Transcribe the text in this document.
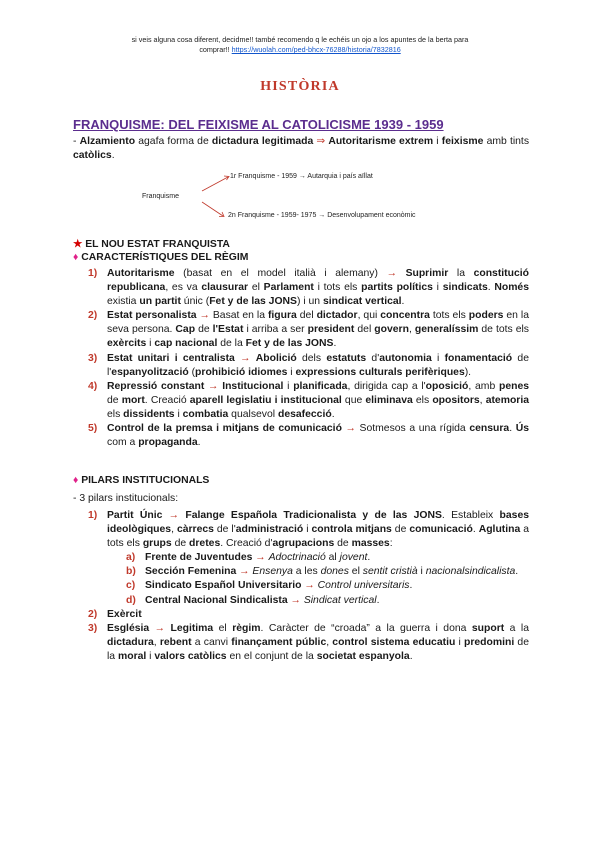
si veis alguna cosa diferent, decidme!! també recomendo q le echéis un ojo a los apuntes de la berta para
comprar!! https://wuolah.com/ped-bhcx-76288/historia/7832816
HISTÒRIA
FRANQUISME: DEL FEIXISME AL CATOLICISME 1939 - 1959
- Alzamiento agafa forma de dictadura legitimada ⇒ Autoritarisme extrem i feixisme amb tints catòlics.
Franquisme
1r Franquisme - 1959 → Autarquia i país aïllat
2n Franquisme - 1959- 1975 → Desenvolupament econòmic
★ EL NOU ESTAT FRANQUISTA
♦ CARACTERÍSTIQUES DEL RÈGIM
1) Autoritarisme (basat en el model italià i alemany) → Suprimir la constitució republicana, es va clausurar el Parlament i tots els partits polítics i sindicats. Només existia un partit únic (Fet y de las JONS) i un sindicat vertical.
2) Estat personalista → Basat en la figura del dictador, qui concentra tots els poders en la seva persona. Cap de l'Estat i arriba a ser president del govern, generalíssim de tots els exèrcits i cap nacional de la Fet y de las JONS.
3) Estat unitari i centralista → Abolició dels estatuts d'autonomia i fonamentació de l'espanyolització (prohibició idiomes i expressions culturals perifèriques).
4) Repressió constant → Institucional i planificada, dirigida cap a l'oposició, amb penes de mort. Creació aparell legislatiu i institucional que eliminava els opositors, atemoria els dissidents i combatia qualsevol desafecció.
5) Control de la premsa i mitjans de comunicació → Sotmesos a una rígida censura. Ús com a propaganda.
♦ PILARS INSTITUCIONALS
- 3 pilars institucionals:
1) Partit Únic → Falange Española Tradicionalista y de las JONS. Estableix bases ideològiques, càrrecs de l'administració i controla mitjans de comunicació. Aglutina a tots els grups de dretes. Creació d'agrupacions de masses:
a) Frente de Juventudes → Adoctrinació al jovent.
b) Sección Femenina → Ensenya a les dones el sentit cristià i nacionalsindicalista.
c) Sindicato Español Universitario → Control universitaris.
d) Central Nacional Sindicalista → Sindicat vertical.
2) Exèrcit
3) Església → Legitima el règim. Caràcter de “croada” a la guerra i dona suport a la dictadura, rebent a canvi finançament públic, control sistema educatiu i predomini de la moral i valors catòlics en el conjunt de la societat espanyola.
